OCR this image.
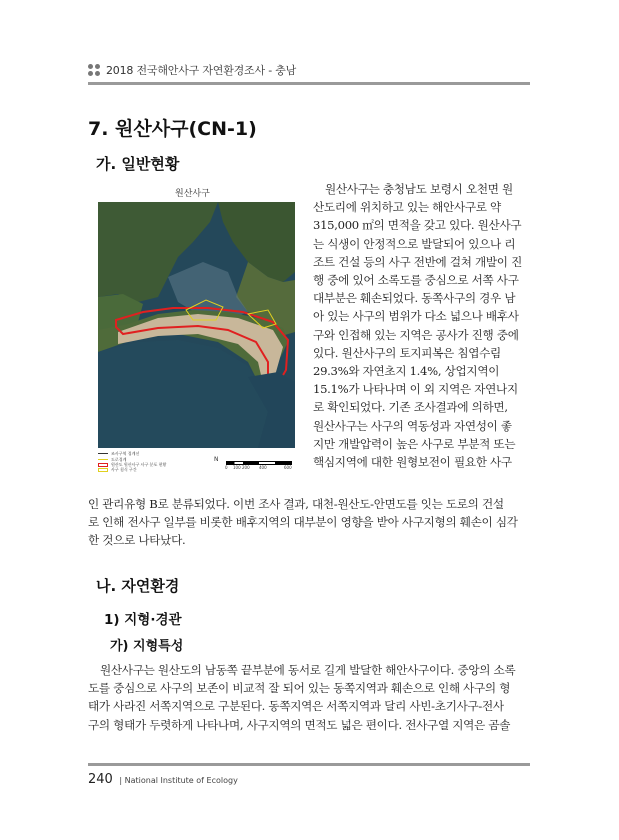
2018 전국해안사구 자연환경조사 - 충남
7. 원산사구(CN-1)
가. 일반현황
원산사구
조사구역 경계선
도로경계
원산도 원산사구 사구 분포 현황
사구 침식 구간
N
0 100 200 400	600
원산사구는 충청남도 보령시 오천면 원
산도리에 위치하고 있는 해안사구로 약
315,000 ㎡의 면적을 갖고 있다. 원산사구
는 식생이 안정적으로 발달되어 있으나 리
조트 건설 등의 사구 전반에 걸쳐 개발이 진
행 중에 있어 소록도를 중심으로 서쪽 사구
대부분은 훼손되었다. 동쪽사구의 경우 남
아 있는 사구의 범위가 다소 넓으나 배후사
구와 인접해 있는 지역은 공사가 진행 중에
있다. 원산사구의 토지피복은 침엽수림
29.3%와 자연초지 1.4%, 상업지역이
15.1%가 나타나며 이 외 지역은 자연나지
로 확인되었다. 기존 조사결과에 의하면,
원산사구는 사구의 역동성과 자연성이 좋
지만 개발압력이 높은 사구로 부분적 또는
핵심지역에 대한 원형보전이 필요한 사구
인 관리유형 B로 분류되었다. 이번 조사 결과, 대천-원산도-안면도를 잇는 도로의 건설
로 인해 전사구 일부를 비롯한 배후지역의 대부분이 영향을 받아 사구지형의 훼손이 심각
한 것으로 나타났다.
나. 자연환경
1) 지형·경관
가) 지형특성
원산사구는 원산도의 남동쪽 끝부분에 동서로 길게 발달한 해안사구이다. 중앙의 소록
도를 중심으로 사구의 보존이 비교적 잘 되어 있는 동쪽지역과 훼손으로 인해 사구의 형
태가 사라진 서쪽지역으로 구분된다. 동쪽지역은 서쪽지역과 달리 사빈-초기사구-전사
구의 형태가 두렷하게 나타나며, 사구지역의 면적도 넓은 편이다. 전사구열 지역은 곰솔
240 | National Institute of Ecology
